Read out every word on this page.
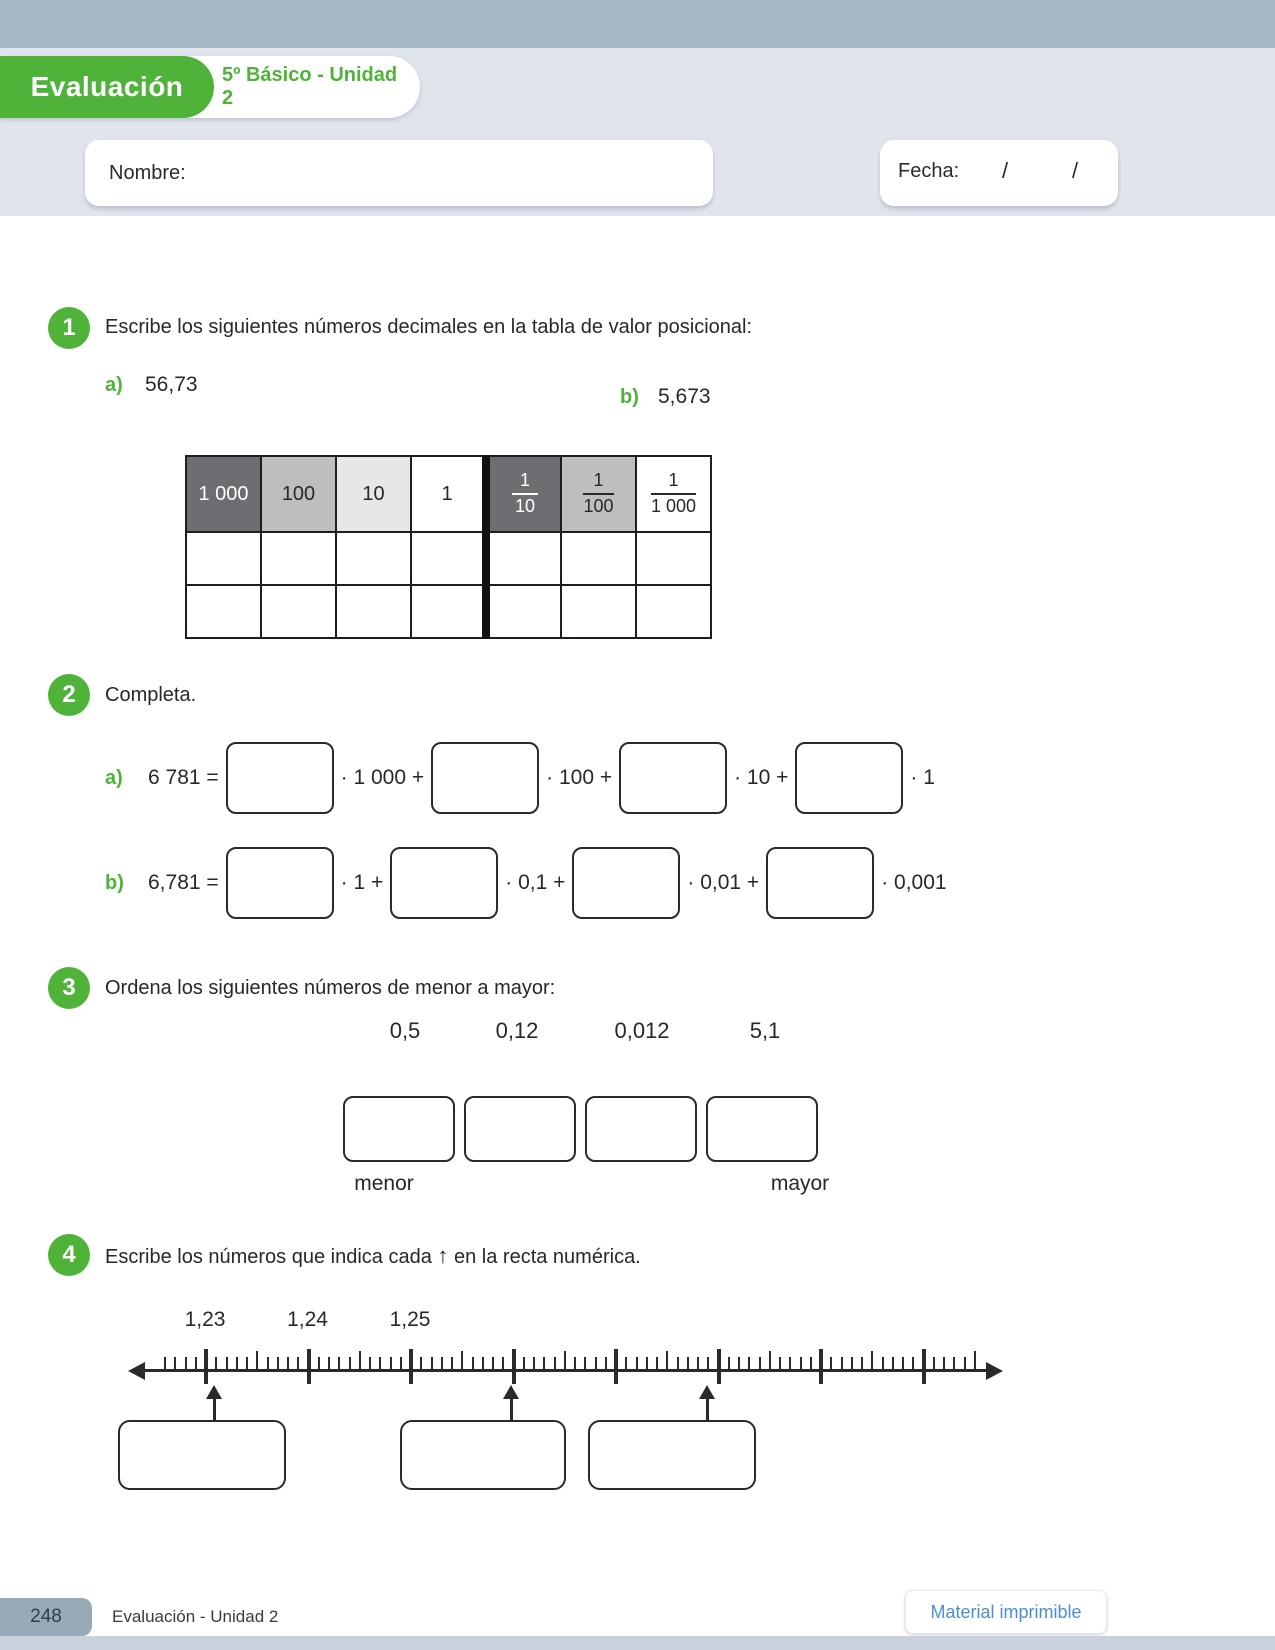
5º Básico - Unidad 2
Evaluación
Nombre:	Fecha: /	/
1 Escribe los siguientes números decimales en la tabla de valor posicional:
a) 56,73
b) 5,673
1 000	100	10	1	$\frac{1}{10}$	$\frac{1}{100}$	$\frac{1}{1 000}$

2 Completa.
a)	6 781 =	· 1 000 +	· 100 +	· 10 +	· 1
b)	6,781 =	· 1 +	· 0,1 +	· 0,01 +	· 0,001
3 Ordena los siguientes números de menor a mayor:
0,5	0,12	0,012	5,1
menor	mayor
4 Escribe los números que indica cada ↑ en la recta numérica.
1,23	1,24	1,25
248	Evaluación - Unidad 2	Material imprimible
